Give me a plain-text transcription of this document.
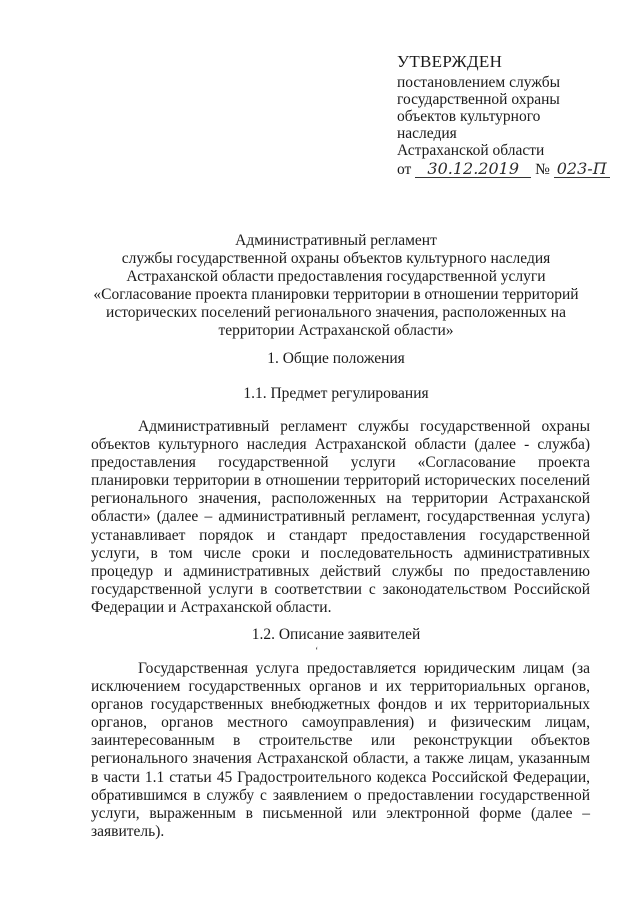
УТВЕРЖДЕН
постановлением службы
государственной охраны
объектов культурного
наследия
Астраханской области
от 30.12.2019 № 023-П
Административный регламент
службы государственной охраны объектов культурного наследия
Астраханской области предоставления государственной услуги
«Согласование проекта планировки территории в отношении территорий
исторических поселений регионального значения, расположенных на
территории Астраханской области»
1. Общие положения
1.1. Предмет регулирования
Административный регламент службы государственной охраны объектов культурного наследия Астраханской области (далее - служба) предоставления государственной услуги «Согласование проекта планировки территории в отношении территорий исторических поселений регионального значения, расположенных на территории Астраханской области» (далее – административный регламент, государственная услуга) устанавливает порядок и стандарт предоставления государственной услуги, в том числе сроки и последовательность административных процедур и административных действий службы по предоставлению государственной услуги в соответствии с законодательством Российской Федерации и Астраханской области.
1.2. Описание заявителей
‘
Государственная услуга предоставляется юридическим лицам (за исключением государственных органов и их территориальных органов, органов государственных внебюджетных фондов и их территориальных органов, органов местного самоуправления) и физическим лицам, заинтересованным в строительстве или реконструкции объектов регионального значения Астраханской области, а также лицам, указанным в части 1.1 статьи 45 Градостроительного кодекса Российской Федерации, обратившимся в службу с заявлением о предоставлении государственной услуги, выраженным в письменной или электронной форме (далее – заявитель).
